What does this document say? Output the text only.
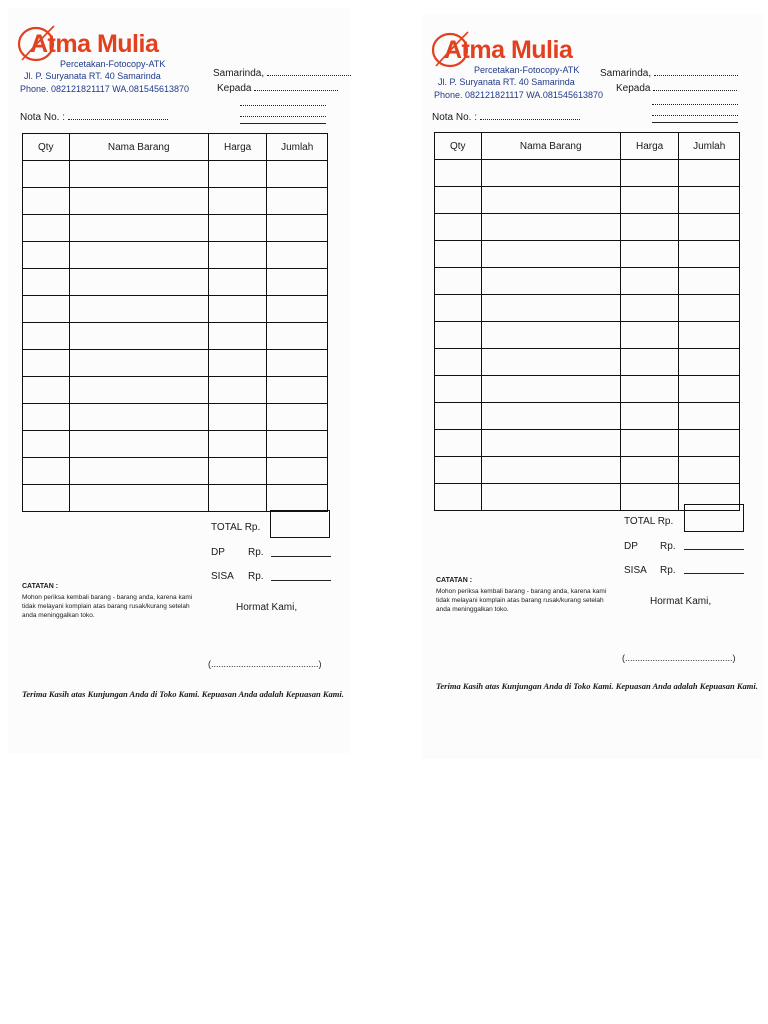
Atma Mulia
Percetakan-Fotocopy-ATK
Jl. P. Suryanata RT. 40 Samarinda
Phone. 082121821117 WA.081545613870
Samarinda,
Kepada
Nota No. :
Qty	Nama Barang	Harga	Jumlah

TOTAL Rp.
DP Rp.
SISA Rp.
CATATAN :
Mohon periksa kembali barang - barang anda, karena kami tidak melayani komplain atas barang rusak/kurang setelah anda meninggalkan toko.
Hormat Kami,
(...........................................)
Terima Kasih atas Kunjungan Anda di Toko Kami. Kepuasan Anda adalah Kepuasan Kami.
Atma Mulia
Percetakan-Fotocopy-ATK
Jl. P. Suryanata RT. 40 Samarinda
Phone. 082121821117 WA.081545613870
Samarinda,
Kepada
Nota No. :
Qty	Nama Barang	Harga	Jumlah

TOTAL Rp.
DP Rp.
SISA Rp.
CATATAN :
Mohon periksa kembali barang - barang anda, karena kami tidak melayani komplain atas barang rusak/kurang setelah anda meninggalkan toko.
Hormat Kami,
(...........................................)
Terima Kasih atas Kunjungan Anda di Toko Kami. Kepuasan Anda adalah Kepuasan Kami.
